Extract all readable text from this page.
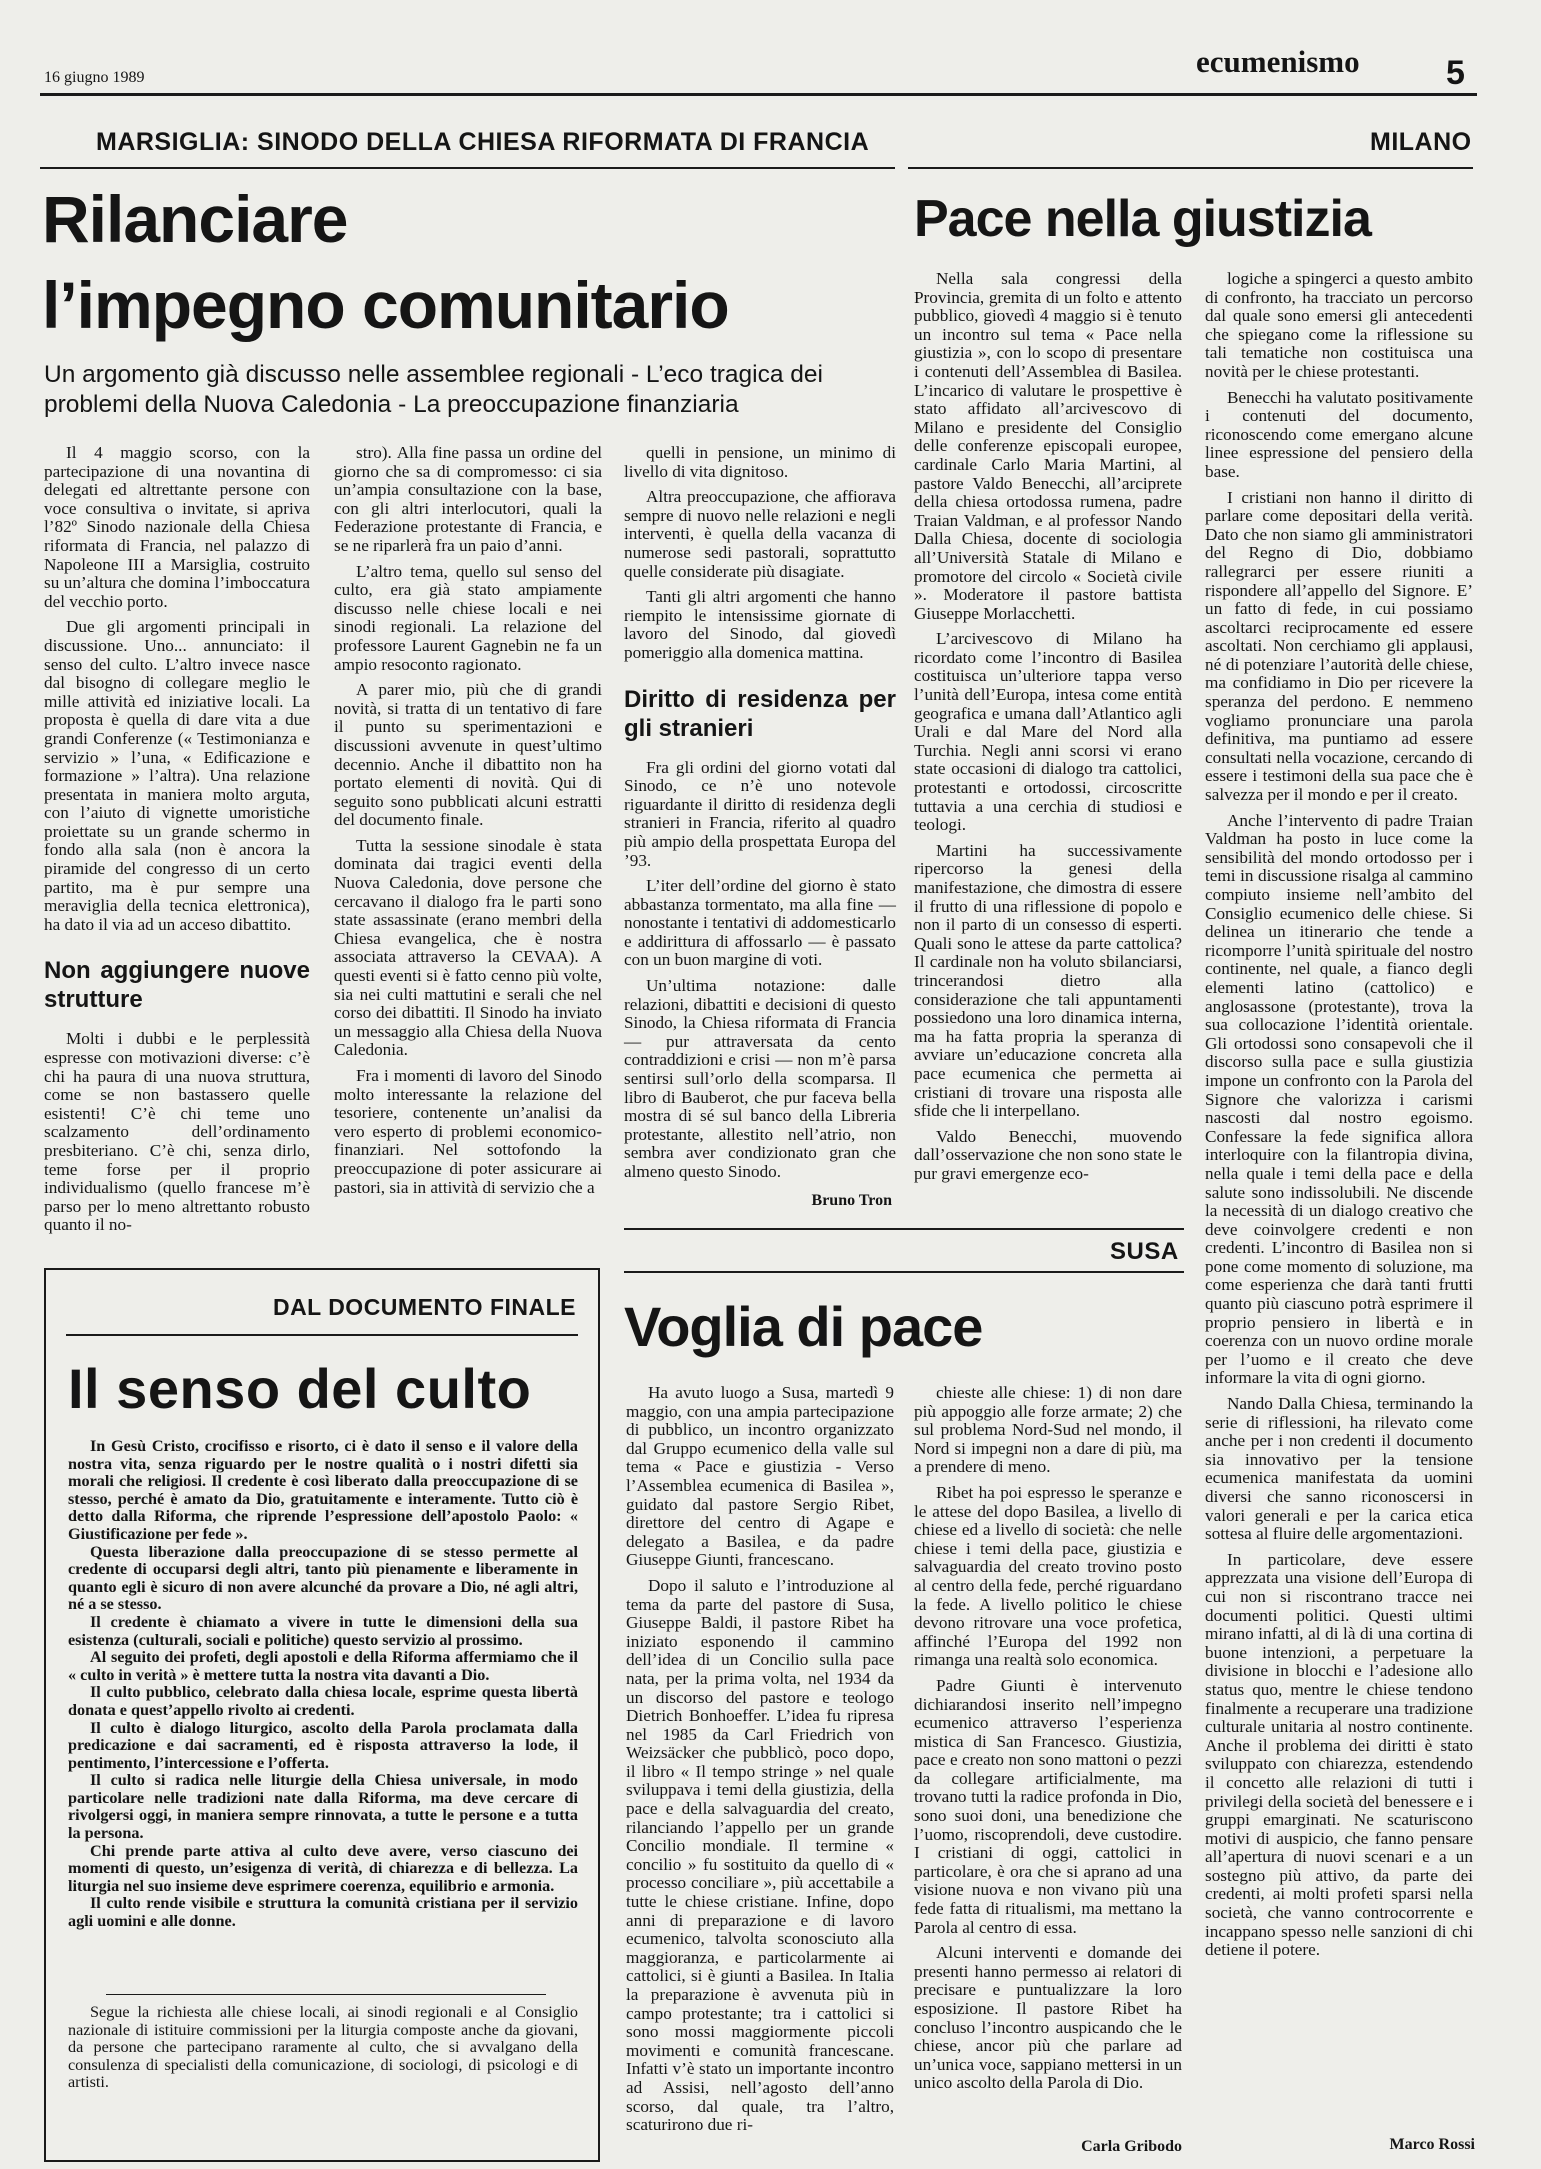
16 giugno 1989	ecumenismo	5
MARSIGLIA: SINODO DELLA CHIESA RIFORMATA DI FRANCIA
Rilanciare
l’impegno comunitario
Un argomento già discusso nelle assemblee regionali - L’eco tragica dei problemi della Nuova Caledonia - La preoccupazione finanziaria

Il 4 maggio scorso, con la partecipazione di una novantina di delegati ed altrettante persone con voce consultiva o invitate, si apriva l’82º Sinodo nazionale della Chiesa riformata di Francia, nel palazzo di Napoleone III a Marsiglia, costruito su un’altura che domina l’imboccatura del vecchio porto.

Due gli argomenti principali in discussione. Uno... annunciato: il senso del culto. L’altro invece nasce dal bisogno di collegare meglio le mille attività ed iniziative locali. La proposta è quella di dare vita a due grandi Conferenze (« Testimonianza e servizio » l’una, « Edificazione e formazione » l’altra). Una relazione presentata in maniera molto arguta, con l’aiuto di vignette umoristiche proiettate su un grande schermo in fondo alla sala (non è ancora la piramide del congresso di un certo partito, ma è pur sempre una meraviglia della tecnica elettronica), ha dato il via ad un acceso dibattito.

Non aggiungere nuove strutture

Molti i dubbi e le perplessità espresse con motivazioni diverse: c’è chi ha paura di una nuova struttura, come se non bastassero quelle esistenti! C’è chi teme uno scalzamento dell’ordinamento presbiteriano. C’è chi, senza dirlo, teme forse per il proprio individualismo (quello francese m’è parso per lo meno altrettanto robusto quanto il no-

stro). Alla fine passa un ordine del giorno che sa di compromesso: ci sia un’ampia consultazione con la base, con gli altri interlocutori, quali la Federazione protestante di Francia, e se ne riparlerà fra un paio d’anni.

L’altro tema, quello sul senso del culto, era già stato ampiamente discusso nelle chiese locali e nei sinodi regionali. La relazione del professore Laurent Gagnebin ne fa un ampio resoconto ragionato.

A parer mio, più che di grandi novità, si tratta di un tentativo di fare il punto su sperimentazioni e discussioni avvenute in quest’ultimo decennio. Anche il dibattito non ha portato elementi di novità. Qui di seguito sono pubblicati alcuni estratti del documento finale.

Tutta la sessione sinodale è stata dominata dai tragici eventi della Nuova Caledonia, dove persone che cercavano il dialogo fra le parti sono state assassinate (erano membri della Chiesa evangelica, che è nostra associata attraverso la CEVAA). A questi eventi si è fatto cenno più volte, sia nei culti mattutini e serali che nel corso dei dibattiti. Il Sinodo ha inviato un messaggio alla Chiesa della Nuova Caledonia.

Fra i momenti di lavoro del Sinodo molto interessante la relazione del tesoriere, contenente un’analisi da vero esperto di problemi economico-finanziari. Nel sottofondo la preoccupazione di poter assicurare ai pastori, sia in attività di servizio che a

quelli in pensione, un minimo di livello di vita dignitoso.

Altra preoccupazione, che affiorava sempre di nuovo nelle relazioni e negli interventi, è quella della vacanza di numerose sedi pastorali, soprattutto quelle considerate più disagiate.

Tanti gli altri argomenti che hanno riempito le intensissime giornate di lavoro del Sinodo, dal giovedì pomeriggio alla domenica mattina.

Diritto di residenza per gli stranieri

Fra gli ordini del giorno votati dal Sinodo, ce n’è uno notevole riguardante il diritto di residenza degli stranieri in Francia, riferito al quadro più ampio della prospettata Europa del ’93.

L’iter dell’ordine del giorno è stato abbastanza tormentato, ma alla fine — nonostante i tentativi di addomesticarlo e addirittura di affossarlo — è passato con un buon margine di voti.

Un’ultima notazione: dalle relazioni, dibattiti e decisioni di questo Sinodo, la Chiesa riformata di Francia — pur attraversata da cento contraddizioni e crisi — non m’è parsa sentirsi sull’orlo della scomparsa. Il libro di Bauberot, che pur faceva bella mostra di sé sul banco della Libreria protestante, allestito nell’atrio, non sembra aver condizionato gran che almeno questo Sinodo.

Bruno Tron
MILANO
Pace nella giustizia

Nella sala congressi della Provincia, gremita di un folto e attento pubblico, giovedì 4 maggio si è tenuto un incontro sul tema « Pace nella giustizia », con lo scopo di presentare i contenuti dell’Assemblea di Basilea. L’incarico di valutare le prospettive è stato affidato all’arcivescovo di Milano e presidente del Consiglio delle conferenze episcopali europee, cardinale Carlo Maria Martini, al pastore Valdo Benecchi, all’arciprete della chiesa ortodossa rumena, padre Traian Valdman, e al professor Nando Dalla Chiesa, docente di sociologia all’Università Statale di Milano e promotore del circolo « Società civile ». Moderatore il pastore battista Giuseppe Morlacchetti.

L’arcivescovo di Milano ha ricordato come l’incontro di Basilea costituisca un’ulteriore tappa verso l’unità dell’Europa, intesa come entità geografica e umana dall’Atlantico agli Urali e dal Mare del Nord alla Turchia. Negli anni scorsi vi erano state occasioni di dialogo tra cattolici, protestanti e ortodossi, circoscritte tuttavia a una cerchia di studiosi e teologi.

Martini ha successivamente ripercorso la genesi della manifestazione, che dimostra di essere il frutto di una riflessione di popolo e non il parto di un consesso di esperti. Quali sono le attese da parte cattolica? Il cardinale non ha voluto sbilanciarsi, trincerandosi dietro alla considerazione che tali appuntamenti possiedono una loro dinamica interna, ma ha fatta propria la speranza di avviare un’educazione concreta alla pace ecumenica che permetta ai cristiani di trovare una risposta alle sfide che li interpellano.

Valdo Benecchi, muovendo dall’osservazione che non sono state le pur gravi emergenze eco-

logiche a spingerci a questo ambito di confronto, ha tracciato un percorso dal quale sono emersi gli antecedenti che spiegano come la riflessione su tali tematiche non costituisca una novità per le chiese protestanti.

Benecchi ha valutato positivamente i contenuti del documento, riconoscendo come emergano alcune linee espressione del pensiero della base.

I cristiani non hanno il diritto di parlare come depositari della verità. Dato che non siamo gli amministratori del Regno di Dio, dobbiamo rallegrarci per essere riuniti a rispondere all’appello del Signore. E’ un fatto di fede, in cui possiamo ascoltarci reciprocamente ed essere ascoltati. Non cerchiamo gli applausi, né di potenziare l’autorità delle chiese, ma confidiamo in Dio per ricevere la speranza del perdono. E nemmeno vogliamo pronunciare una parola definitiva, ma puntiamo ad essere consultati nella vocazione, cercando di essere i testimoni della sua pace che è salvezza per il mondo e per il creato.

Anche l’intervento di padre Traian Valdman ha posto in luce come la sensibilità del mondo ortodosso per i temi in discussione risalga al cammino compiuto insieme nell’ambito del Consiglio ecumenico delle chiese. Si delinea un itinerario che tende a ricomporre l’unità spirituale del nostro continente, nel quale, a fianco degli elementi latino (cattolico) e anglosassone (protestante), trova la sua collocazione l’identità orientale. Gli ortodossi sono consapevoli che il discorso sulla pace e sulla giustizia impone un confronto con la Parola del Signore che valorizza i carismi nascosti dal nostro egoismo. Confessare la fede significa allora interloquire con la filantropia divina, nella quale i temi della pace e della salute sono indissolubili. Ne discende la necessità di un dialogo creativo che deve coinvolgere credenti e non credenti. L’incontro di Basilea non si pone come momento di soluzione, ma come esperienza che darà tanti frutti quanto più ciascuno potrà esprimere il proprio pensiero in libertà e in coerenza con un nuovo ordine morale per l’uomo e il creato che deve informare la vita di ogni giorno.

Nando Dalla Chiesa, terminando la serie di riflessioni, ha rilevato come anche per i non credenti il documento sia innovativo per la tensione ecumenica manifestata da uomini diversi che sanno riconoscersi in valori generali e per la carica etica sottesa al fluire delle argomentazioni.

In particolare, deve essere apprezzata una visione dell’Europa di cui non si riscontrano tracce nei documenti politici. Questi ultimi mirano infatti, al di là di una cortina di buone intenzioni, a perpetuare la divisione in blocchi e l’adesione allo status quo, mentre le chiese tendono finalmente a recuperare una tradizione culturale unitaria al nostro continente. Anche il problema dei diritti è stato sviluppato con chiarezza, estendendo il concetto alle relazioni di tutti i privilegi della società del benessere e i gruppi emarginati. Ne scaturiscono motivi di auspicio, che fanno pensare all’apertura di nuovi scenari e a un sostegno più attivo, da parte dei credenti, ai molti profeti sparsi nella società, che vanno controcorrente e incappano spesso nelle sanzioni di chi detiene il potere.

Marco Rossi
SUSA
Voglia di pace

Ha avuto luogo a Susa, martedì 9 maggio, con una ampia partecipazione di pubblico, un incontro organizzato dal Gruppo ecumenico della valle sul tema « Pace e giustizia - Verso l’Assemblea ecumenica di Basilea », guidato dal pastore Sergio Ribet, direttore del centro di Agape e delegato a Basilea, e da padre Giuseppe Giunti, francescano.

Dopo il saluto e l’introduzione al tema da parte del pastore di Susa, Giuseppe Baldi, il pastore Ribet ha iniziato esponendo il cammino dell’idea di un Concilio sulla pace nata, per la prima volta, nel 1934 da un discorso del pastore e teologo Dietrich Bonhoeffer. L’idea fu ripresa nel 1985 da Carl Friedrich von Weizsäcker che pubblicò, poco dopo, il libro « Il tempo stringe » nel quale sviluppava i temi della giustizia, della pace e della salvaguardia del creato, rilanciando l’appello per un grande Concilio mondiale. Il termine « concilio » fu sostituito da quello di « processo conciliare », più accettabile a tutte le chiese cristiane. Infine, dopo anni di preparazione e di lavoro ecumenico, talvolta sconosciuto alla maggioranza, e particolarmente ai cattolici, si è giunti a Basilea. In Italia la preparazione è avvenuta più in campo protestante; tra i cattolici si sono mossi maggiormente piccoli movimenti e comunità francescane. Infatti v’è stato un importante incontro ad Assisi, nell’agosto dell’anno scorso, dal quale, tra l’altro, scaturirono due ri-

chieste alle chiese: 1) di non dare più appoggio alle forze armate; 2) che sul problema Nord-Sud nel mondo, il Nord si impegni non a dare di più, ma a prendere di meno.

Ribet ha poi espresso le speranze e le attese del dopo Basilea, a livello di chiese ed a livello di società: che nelle chiese i temi della pace, giustizia e salvaguardia del creato trovino posto al centro della fede, perché riguardano la fede. A livello politico le chiese devono ritrovare una voce profetica, affinché l’Europa del 1992 non rimanga una realtà solo economica.

Padre Giunti è intervenuto dichiarandosi inserito nell’impegno ecumenico attraverso l’esperienza mistica di San Francesco. Giustizia, pace e creato non sono mattoni o pezzi da collegare artificialmente, ma trovano tutti la radice profonda in Dio, sono suoi doni, una benedizione che l’uomo, riscoprendoli, deve custodire. I cristiani di oggi, cattolici in particolare, è ora che si aprano ad una visione nuova e non vivano più una fede fatta di ritualismi, ma mettano la Parola al centro di essa.

Alcuni interventi e domande dei presenti hanno permesso ai relatori di precisare e puntualizzare la loro esposizione. Il pastore Ribet ha concluso l’incontro auspicando che le chiese, ancor più che parlare ad un’unica voce, sappiano mettersi in un unico ascolto della Parola di Dio.

Carla Gribodo
DAL DOCUMENTO FINALE
Il senso del culto

In Gesù Cristo, crocifisso e risorto, ci è dato il senso e il valore della nostra vita, senza riguardo per le nostre qualità o i nostri difetti sia morali che religiosi. Il credente è così liberato dalla preoccupazione di se stesso, perché è amato da Dio, gratuitamente e interamente. Tutto ciò è detto dalla Riforma, che riprende l’espressione dell’apostolo Paolo: « Giustificazione per fede ».

Questa liberazione dalla preoccupazione di se stesso permette al credente di occuparsi degli altri, tanto più pienamente e liberamente in quanto egli è sicuro di non avere alcunché da provare a Dio, né agli altri, né a se stesso.

Il credente è chiamato a vivere in tutte le dimensioni della sua esistenza (culturali, sociali e politiche) questo servizio al prossimo.

Al seguito dei profeti, degli apostoli e della Riforma affermiamo che il « culto in verità » è mettere tutta la nostra vita davanti a Dio.

Il culto pubblico, celebrato dalla chiesa locale, esprime questa libertà donata e quest’appello rivolto ai credenti.

Il culto è dialogo liturgico, ascolto della Parola proclamata dalla predicazione e dai sacramenti, ed è risposta attraverso la lode, il pentimento, l’intercessione e l’offerta.

Il culto si radica nelle liturgie della Chiesa universale, in modo particolare nelle tradizioni nate dalla Riforma, ma deve cercare di rivolgersi oggi, in maniera sempre rinnovata, a tutte le persone e a tutta la persona.

Chi prende parte attiva al culto deve avere, verso ciascuno dei momenti di questo, un’esigenza di verità, di chiarezza e di bellezza. La liturgia nel suo insieme deve esprimere coerenza, equilibrio e armonia.

Il culto rende visibile e struttura la comunità cristiana per il servizio agli uomini e alle donne.

Segue la richiesta alle chiese locali, ai sinodi regionali e al Consiglio nazionale di istituire commissioni per la liturgia composte anche da giovani, da persone che partecipano raramente al culto, che si avvalgano della consulenza di specialisti della comunicazione, di sociologi, di psicologi e di artisti.
